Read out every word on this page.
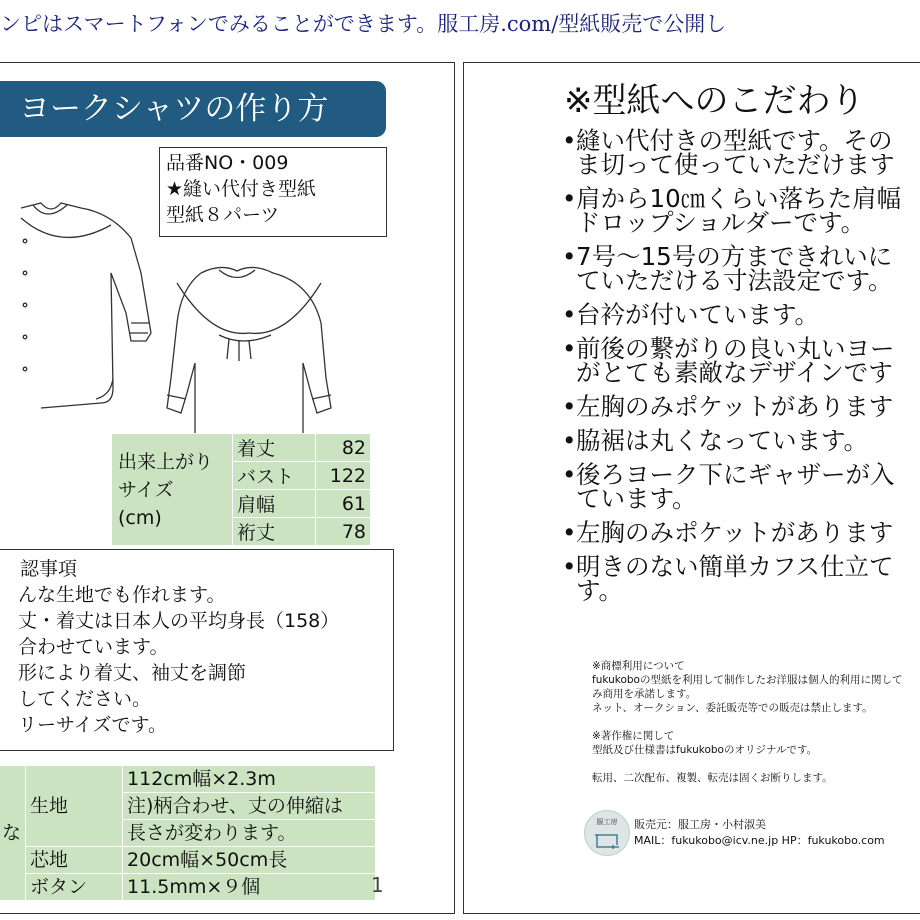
ンピはスマートフォンでみることができます。服工房.com/型紙販売で公開し
ヨークシャツの作り方
品番NO・009
★縫い代付き型紙
型紙８パーツ
出来上がり
サイズ
(cm)	着丈	82
	バスト	122
	肩幅	61
	裄丈	78
認事項
んな生地でも作れます。
丈・着丈は日本人の平均身長（158）
合わせています。
形により着丈、袖丈を調節
してください。
リーサイズです。
な	生地	112cm幅×2.3m
		注)柄合わせ、丈の伸縮は
		長さが変わります。
	芯地	20cm幅×50cm長
	ボタン	11.5mm×９個	1
※型紙へのこだわり
• 縫い代付きの型紙です。その
ま切って使っていただけます
• 肩から10㎝くらい落ちた肩幅
ドロップショルダーです。
• 7号〜15号の方まできれいに
ていただける寸法設定です。
• 台衿が付いています。
• 前後の繋がりの良い丸いヨー
がとても素敵なデザインです
• 左胸のみポケットがあります
• 脇裾は丸くなっています。
• 後ろヨーク下にギャザーが入
ています。
• 左胸のみポケットがあります
• 明きのない簡単カフス仕立て
す。
※商標利用について
fukukoboの型紙を利用して制作したお洋服は個人的利用に関して
み商用を承諾します。
ネット、オークション、委託販売等での販売は禁止します。
※著作権に関して
型紙及び仕様書はfukukoboのオリジナルです。
転用、二次配布、複製、転売は固くお断りします。
服工房	販売元：服工房・小村淑美
MAIL：fukukobo@icv.ne.jp HP：fukukobo.com
